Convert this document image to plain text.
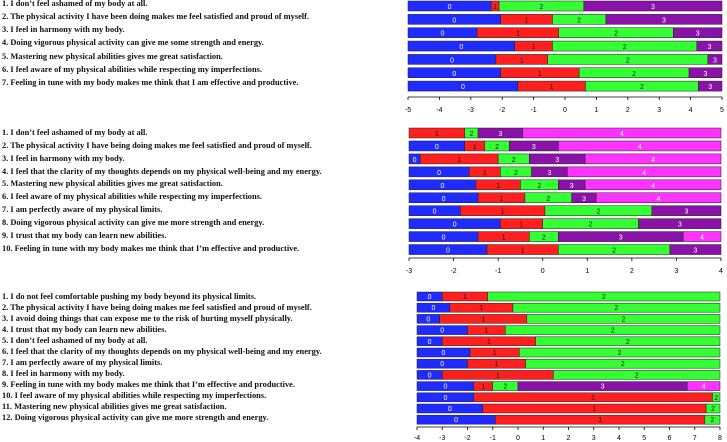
1. I don’t feel ashamed of my body at all.
2. The physical activity I have been doing makes me feel satisfied and proud of myself.
3. I feel in harmony with my body.
4. Doing vigorous physical activity can give me some strength and energy.
5. Mastering new physical abilities gives me great satisfaction.
6. I feel aware of my physical abilities while respecting my imperfections.
7. Feeling in tune with my body makes me think that I am effective and productive.
0	1	2	3
0	1	2	3
0	1	2	3
0	1	2	3
0	1	2	3
0	1	2	3
0	1	2	3
-5	-4	-3	-2	-1	0	1	2	3	4	5
1. I don’t feel ashamed of my body at all.
2. The physical activity I have being doing makes me feel satisfied and proud of myself.
3. I feel in harmony with my body.
4. I feel that the clarity of my thoughts depends on my physical well-being and my energy.
5. Mastering new physical abilities gives me great satisfaction.
6. I feel aware of my physical abilities while respecting my imperfections.
7. I am perfectly aware of my physical limits.
8. Doing vigorous physical activity can give me more strength and energy.
9. I trust that my body can learn new abilities.
10. Feeling in tune with my body makes me think that I’m effective and productive.
1	2	3	4
0	1	2	3	4
0	1	2	3	4
0	1	2	3	4
0	1	2	3	4
0	1	2	3	4
0	1	2	3
0	1	2	3
0	1	2	3	4
0	1	2	3
-3	-2	-1	0	1	2	3	4
1. I do not feel comfortable pushing my body beyond its physical limits.
2. The physical activity I have being doing makes me feel satisfied and proud of myself.
3. I avoid doing things that can expose me to the risk of hurting myself physically.
4. I trust that my body can learn new abilities.
5. I don’t feel ashamed of my body at all.
6. I feel that the clarity of my thoughts depends on my physical well-being and my energy.
7. I am perfectly aware of my physical limits.
8. I feel in harmony with my body.
9. Feeling in tune with my body makes me think that I’m effective and productive.
10. I feel aware of my physical abilities while respecting my imperfections.
11. Mastering new physical abilities gives me great satisfaction.
12. Doing vigorous physical activity can give me more strength and energy.
0	1	2
0	1	2
0	1	2
0	1	2
0	1	2
0	1	2
0	1	2
0	1	2
0	1	2	3	4
0	1	2
0	1	2
0	1	2
-4	-3	-2	-1	0	1	2	3	4	5	6	7	8
